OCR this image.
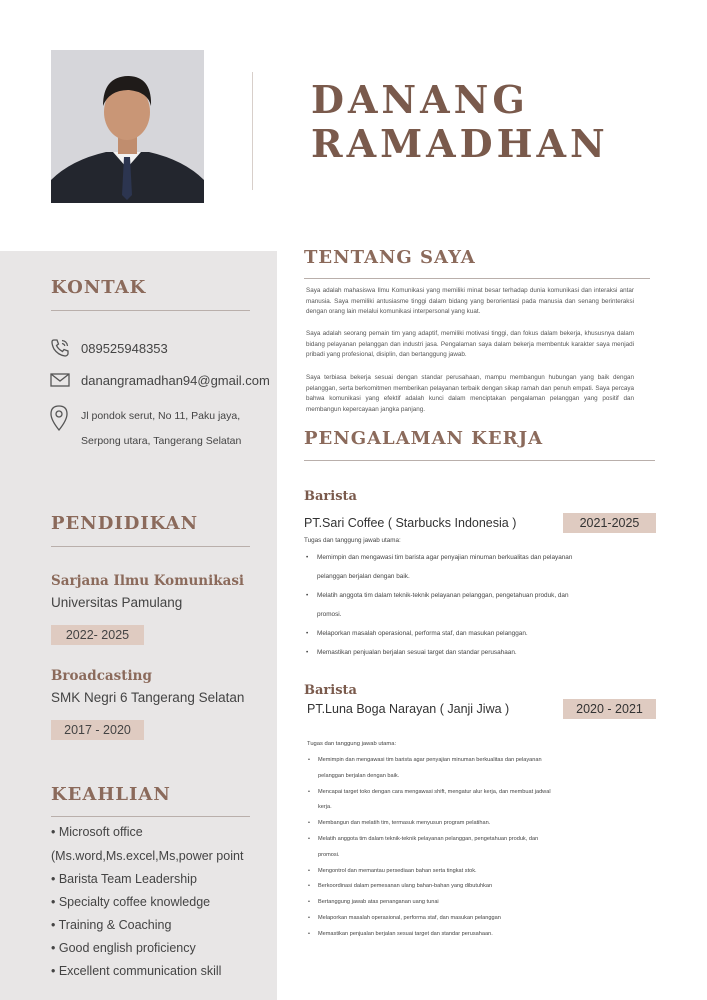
DANANG
RAMADHAN
KONTAK
089525948353
danangramadhan94@gmail.com
Jl pondok serut, No 11, Paku jaya,
Serpong utara, Tangerang Selatan
PENDIDIKAN
Sarjana Ilmu Komunikasi
Universitas Pamulang
2022- 2025
Broadcasting
SMK Negri 6 Tangerang Selatan
2017 - 2020
KEAHLIAN
• Microsoft office
(Ms.word,Ms.excel,Ms,power point
• Barista Team Leadership
• Specialty coffee knowledge
• Training & Coaching
• Good english proficiency
• Excellent communication skill
TENTANG SAYA
Saya adalah mahasiswa Ilmu Komunikasi yang memiliki minat besar terhadap dunia komunikasi dan interaksi antar manusia. Saya memiliki antusiasme tinggi dalam bidang yang berorientasi pada manusia dan senang berinteraksi dengan orang lain melalui komunikasi interpersonal yang kuat.
Saya adalah seorang pemain tim yang adaptif, memiliki motivasi tinggi, dan fokus dalam bekerja, khususnya dalam bidang pelayanan pelanggan dan industri jasa. Pengalaman saya dalam bekerja membentuk karakter saya menjadi pribadi yang profesional, disiplin, dan bertanggung jawab.
Saya terbiasa bekerja sesuai dengan standar perusahaan, mampu membangun hubungan yang baik dengan pelanggan, serta berkomitmen memberikan pelayanan terbaik dengan sikap ramah dan penuh empati. Saya percaya bahwa komunikasi yang efektif adalah kunci dalam menciptakan pengalaman pelanggan yang positif dan membangun kepercayaan jangka panjang.
PENGALAMAN KERJA
Barista
PT.Sari Coffee ( Starbucks Indonesia )	2021-2025
Tugas dan tanggung jawab utama:
• Memimpin dan mengawasi tim barista agar penyajian minuman berkualitas dan pelayanan
pelanggan berjalan dengan baik.
• Melatih anggota tim dalam teknik-teknik pelayanan pelanggan, pengetahuan produk, dan
promosi.
• Melaporkan masalah operasional, performa staf, dan masukan pelanggan.
• Memastikan penjualan berjalan sesuai target dan standar perusahaan.
Barista
PT.Luna Boga Narayan ( Janji Jiwa )	2020 - 2021
Tugas dan tanggung jawab utama:
• Memimpin dan mengawasi tim barista agar penyajian minuman berkualitas dan pelayanan
pelanggan berjalan dengan baik.
• Mencapai target toko dengan cara mengawasi shift, mengatur alur kerja, dan membuat jadwal
kerja.
• Membangun dan melatih tim, termasuk menyusun program pelatihan.
• Melatih anggota tim dalam teknik-teknik pelayanan pelanggan, pengetahuan produk, dan
promosi.
• Mengontrol dan memantau persediaan bahan serta tingkat stok.
• Berkoordinasi dalam pemesanan ulang bahan-bahan yang dibutuhkan
• Bertanggung jawab atas penanganan uang tunai
• Melaporkan masalah operasional, performa staf, dan masukan pelanggan
• Memastikan penjualan berjalan sesuai target dan standar perusahaan.
